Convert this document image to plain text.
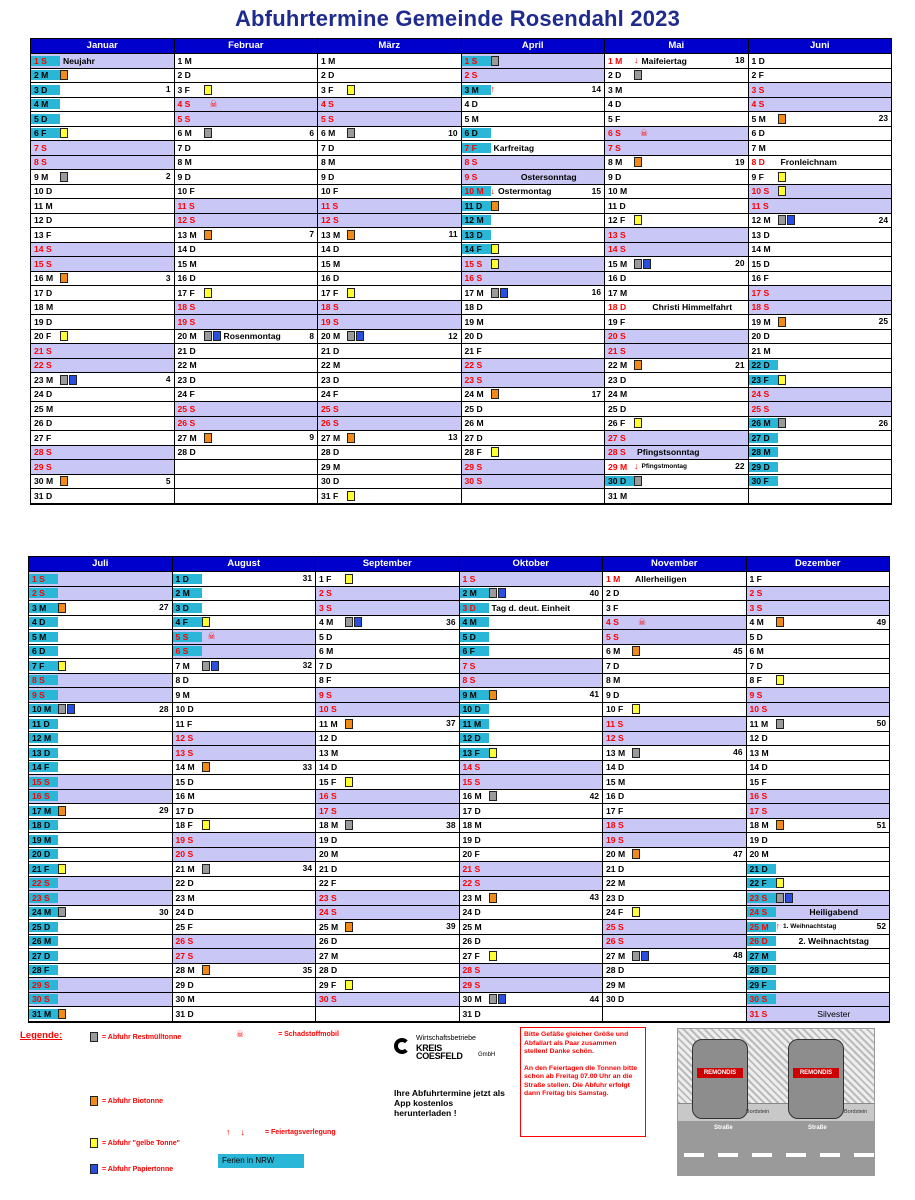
Abfuhrtermine Gemeinde Rosendahl 2023
Januar
1 S	Neujahr
2 M
3 D	1
4 M
5 D
6 F
7 S
8 S
9 M	2
10 D
11 M
12 D
13 F
14 S
15 S
16 M	3
17 D
18 M
19 D
20 F
21 S
22 S
23 M	4
24 D
25 M
26 D
27 F
28 S
29 S
30 M	5
31 D
Februar
1 M
2 D
3 F
4 S	☠
5 S
6 M	6
7 D
8 M
9 D
10 F
11 S
12 S
13 M	7
14 D
15 M
16 D
17 F
18 S
19 S
20 M	Rosenmontag	8
21 D
22 M
23 D
24 F
25 S
26 S
27 M	9
28 D
März
1 M
2 D
3 F
4 S
5 S
6 M	10
7 D
8 M
9 D
10 F
11 S
12 S
13 M	11
14 D
15 M
16 D
17 F
18 S
19 S
20 M	12
21 D
22 M
23 D
24 F
25 S
26 S
27 M	13
28 D
29 M
30 D
31 F
April
1 S
2 S
3 M	↑	14
4 D
5 M
6 D
7 F	Karfreitag
8 S
9 S	Ostersonntag
10 M ↓ Ostermontag	15
11 D
12 M
13 D
14 F
15 S
16 S
17 M	16
18 D
19 M
20 D
21 F
22 S
23 S
24 M	17
25 D
26 M
27 D
28 F
29 S
30 S
Mai
1 M	↓ Maifeiertag	18
2 D
3 M
4 D
5 F
6 S	☠
7 S
8 M	19
9 D
10 M
11 D
12 F
13 S
14 S
15 M	20
16 D
17 M
18 D	Christi Himmelfahrt
19 F
20 S
21 S
22 M	21
23 D
24 M
25 D
26 F
27 S
28 S	Pfingstsonntag
29 M ↓ Pfingstmontag	22
30 D
31 M
Juni
1 D
2 F
3 S
4 S
5 M	23
6 D
7 M
8 D	Fronleichnam
9 F
10 S
11 S
12 M	24
13 D
14 M
15 D
16 F
17 S
18 S
19 M	25
20 D
21 M
22 D
23 F
24 S
25 S
26 M	26
27 D
28 M
29 D
30 F
Juli
1 S
2 S
3 M	27
4 D
5 M
6 D
7 F
8 S
9 S
10 M	28
11 D
12 M
13 D
14 F
15 S
16 S
17 M	29
18 D
19 M
20 D
21 F
22 S
23 S
24 M	30
25 D
26 M
27 D
28 F
29 S
30 S
31 M
August
1 D	31
2 M
3 D
4 F
5 S	☠
6 S
7 M	32
8 D
9 M
10 D
11 F
12 S
13 S
14 M	33
15 D
16 M
17 D
18 F
19 S
20 S
21 M	34
22 D
23 M
24 D
25 F
26 S
27 S
28 M	35
29 D
30 M
31 D
September
1 F
2 S
3 S
4 M	36
5 D
6 M
7 D
8 F
9 S
10 S
11 M	37
12 D
13 M
14 D
15 F
16 S
17 S
18 M	38
19 D
20 M
21 D
22 F
23 S
24 S
25 M	39
26 D
27 M
28 D
29 F
30 S
Oktober
1 S
2 M	40
3 D	Tag d. deut. Einheit
4 M
5 D
6 F
7 S
8 S
9 M	41
10 D
11 M
12 D
13 F
14 S
15 S
16 M	42
17 D
18 M
19 D
20 F
21 S
22 S
23 M	43
24 D
25 M
26 D
27 F
28 S
29 S
30 M	44
31 D
November
1 M	Allerheiligen
2 D
3 F
4 S	☠
5 S
6 M	45
7 D
8 M
9 D
10 F
11 S
12 S
13 M	46
14 D
15 M
16 D
17 F
18 S
19 S
20 M	47
21 D
22 M
23 D
24 F
25 S
26 S
27 M	48
28 D
29 M
30 D
Dezember
1 F
2 S
3 S
4 M	49
5 D
6 M
7 D
8 F
9 S
10 S
11 M	50
12 D
13 M
14 D
15 F
16 S
17 S
18 M	51
19 D
20 M
21 D
22 F
23 S
24 S	Heiligabend
25 M ↑ 1. Weihnachtstag	52
26 D	2. Weihnachtstag
27 M
28 D
29 F
30 S
31 S	Silvester
Legende:	= Abfuhr Restmülltonne	☠	= Schadstoffmobil
= Abfuhr Biotonne
= Abfuhr "gelbe Tonne"
= Abfuhr Papiertonne
↑ ↓	= Feiertagsverlegung
Ferien in NRW
Wirtschaftsbetriebe
KREIS
COESFELD	GmbH
Ihre Abfuhrtermine jetzt als App kostenlos herunterladen !

Bitte Gefäße gleicher Größe und Abfallart als Paar zusammen stellen! Danke schön.

An den Feiertagen die Tonnen bitte schon ab Freitag 07.00 Uhr an die Straße stellen. Die Abfuhr erfolgt dann Freitag bis Samstag.

REMONDIS	REMONDIS
Bordstein	Bordstein
Straße	Straße
